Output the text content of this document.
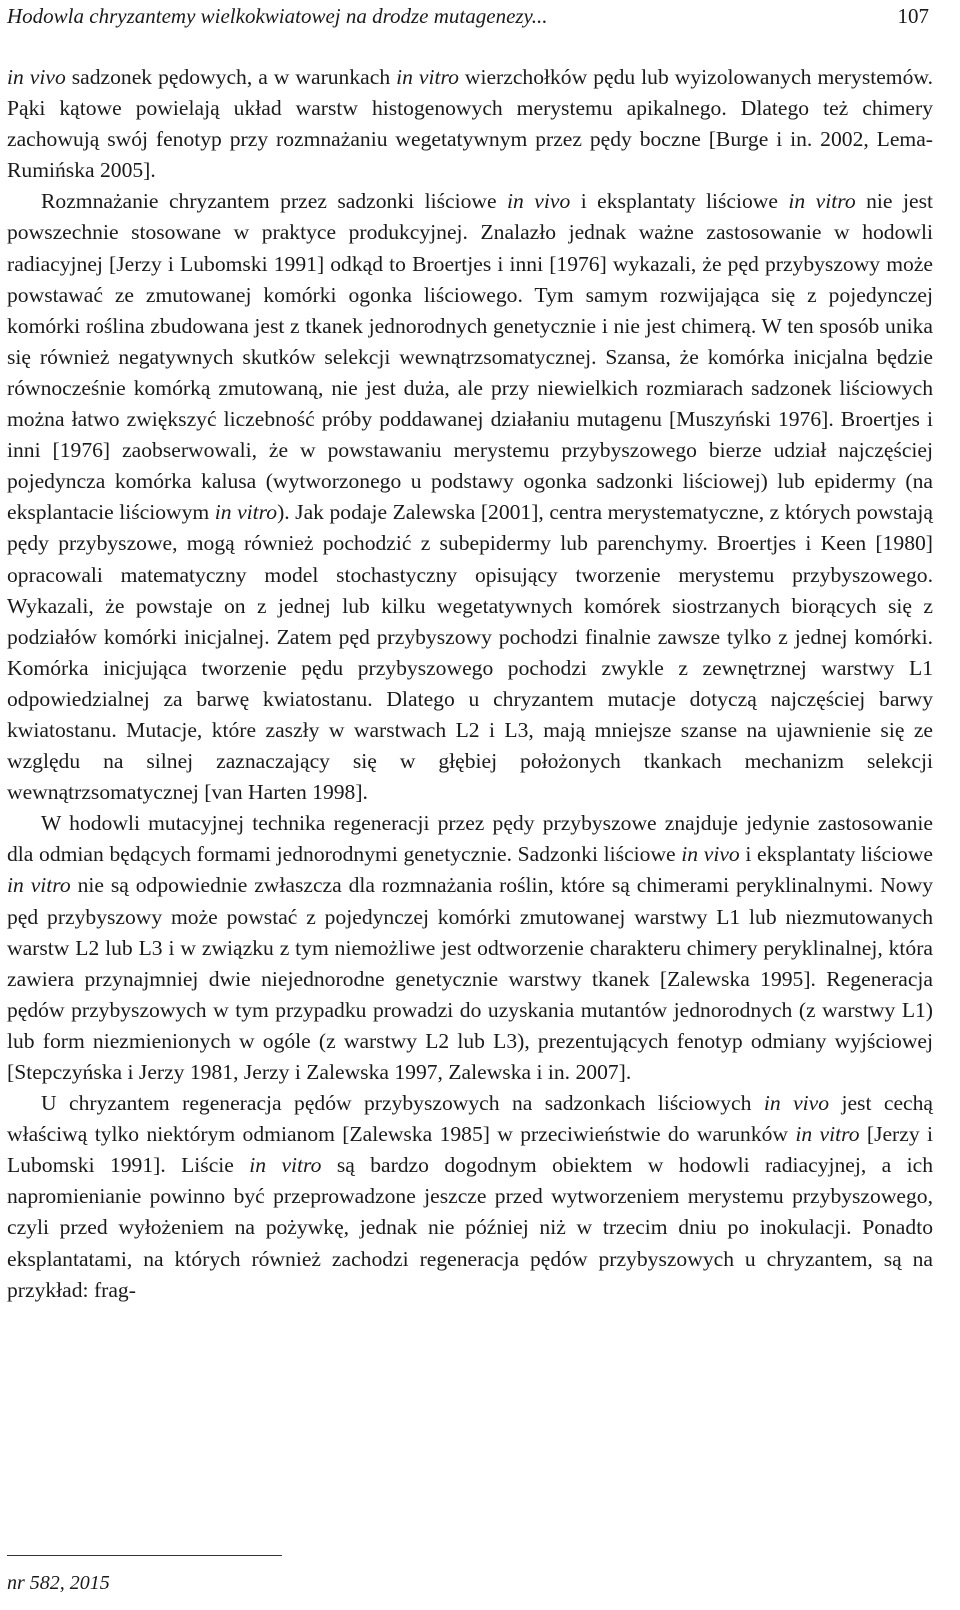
Hodowla chryzantemy wielkokwiatowej na drodze mutagenezy...	107

in vivo sadzonek pędowych, a w warunkach in vitro wierzchołków pędu lub wyizolowanych merystemów. Pąki kątowe powielają układ warstw histogenowych merystemu apikalnego. Dlatego też chimery zachowują swój fenotyp przy rozmnażaniu wegetatywnym przez pędy boczne [Burge i in. 2002, Lema-Rumińska 2005].

Rozmnażanie chryzantem przez sadzonki liściowe in vivo i eksplantaty liściowe in vitro nie jest powszechnie stosowane w praktyce produkcyjnej. Znalazło jednak ważne zastosowanie w hodowli radiacyjnej [Jerzy i Lubomski 1991] odkąd to Broertjes i inni [1976] wykazali, że pęd przybyszowy może powstawać ze zmutowanej komórki ogonka liściowego. Tym samym rozwijająca się z pojedynczej komórki roślina zbudowana jest z tkanek jednorodnych genetycznie i nie jest chimerą. W ten sposób unika się również negatywnych skutków selekcji wewnątrzsomatycznej. Szansa, że komórka inicjalna będzie równocześnie komórką zmutowaną, nie jest duża, ale przy niewielkich rozmiarach sadzonek liściowych można łatwo zwiększyć liczebność próby poddawanej działaniu mutagenu [Muszyński 1976]. Broertjes i inni [1976] zaobserwowali, że w powstawaniu merystemu przybyszowego bierze udział najczęściej pojedyncza komórka kalusa (wytworzonego u podstawy ogonka sadzonki liściowej) lub epidermy (na eksplantacie liściowym in vitro). Jak podaje Zalewska [2001], centra merystematyczne, z których powstają pędy przybyszowe, mogą również pochodzić z subepidermy lub parenchymy. Broertjes i Keen [1980] opracowali matematyczny model stochastyczny opisujący tworzenie merystemu przybyszowego. Wykazali, że powstaje on z jednej lub kilku wegetatywnych komórek siostrzanych biorących się z podziałów komórki inicjalnej. Zatem pęd przybyszowy pochodzi finalnie zawsze tylko z jednej komórki. Komórka inicjująca tworzenie pędu przybyszowego pochodzi zwykle z zewnętrznej warstwy L1 odpowiedzialnej za barwę kwiatostanu. Dlatego u chryzantem mutacje dotyczą najczęściej barwy kwiatostanu. Mutacje, które zaszły w warstwach L2 i L3, mają mniejsze szanse na ujawnienie się ze względu na silnej zaznaczający się w głębiej położonych tkankach mechanizm selekcji wewnątrzsomatycznej [van Harten 1998].

W hodowli mutacyjnej technika regeneracji przez pędy przybyszowe znajduje jedynie zastosowanie dla odmian będących formami jednorodnymi genetycznie. Sadzonki liściowe in vivo i eksplantaty liściowe in vitro nie są odpowiednie zwłaszcza dla rozmnażania roślin, które są chimerami peryklinalnymi. Nowy pęd przybyszowy może powstać z pojedynczej komórki zmutowanej warstwy L1 lub niezmutowanych warstw L2 lub L3 i w związku z tym niemożliwe jest odtworzenie charakteru chimery peryklinalnej, która zawiera przynajmniej dwie niejednorodne genetycznie warstwy tkanek [Zalewska 1995]. Regeneracja pędów przybyszowych w tym przypadku prowadzi do uzyskania mutantów jednorodnych (z warstwy L1) lub form niezmienionych w ogóle (z warstwy L2 lub L3), prezentujących fenotyp odmiany wyjściowej [Stepczyńska i Jerzy 1981, Jerzy i Zalewska 1997, Zalewska i in. 2007].

U chryzantem regeneracja pędów przybyszowych na sadzonkach liściowych in vivo jest cechą właściwą tylko niektórym odmianom [Zalewska 1985] w przeciwieństwie do warunków in vitro [Jerzy i Lubomski 1991]. Liście in vitro są bardzo dogodnym obiektem w hodowli radiacyjnej, a ich napromienianie powinno być przeprowadzone jeszcze przed wytworzeniem merystemu przybyszowego, czyli przed wyłożeniem na pożywkę, jednak nie później niż w trzecim dniu po inokulacji. Ponadto eksplantatami, na których również zachodzi regeneracja pędów przybyszowych u chryzantem, są na przykład: frag-

nr 582, 2015
